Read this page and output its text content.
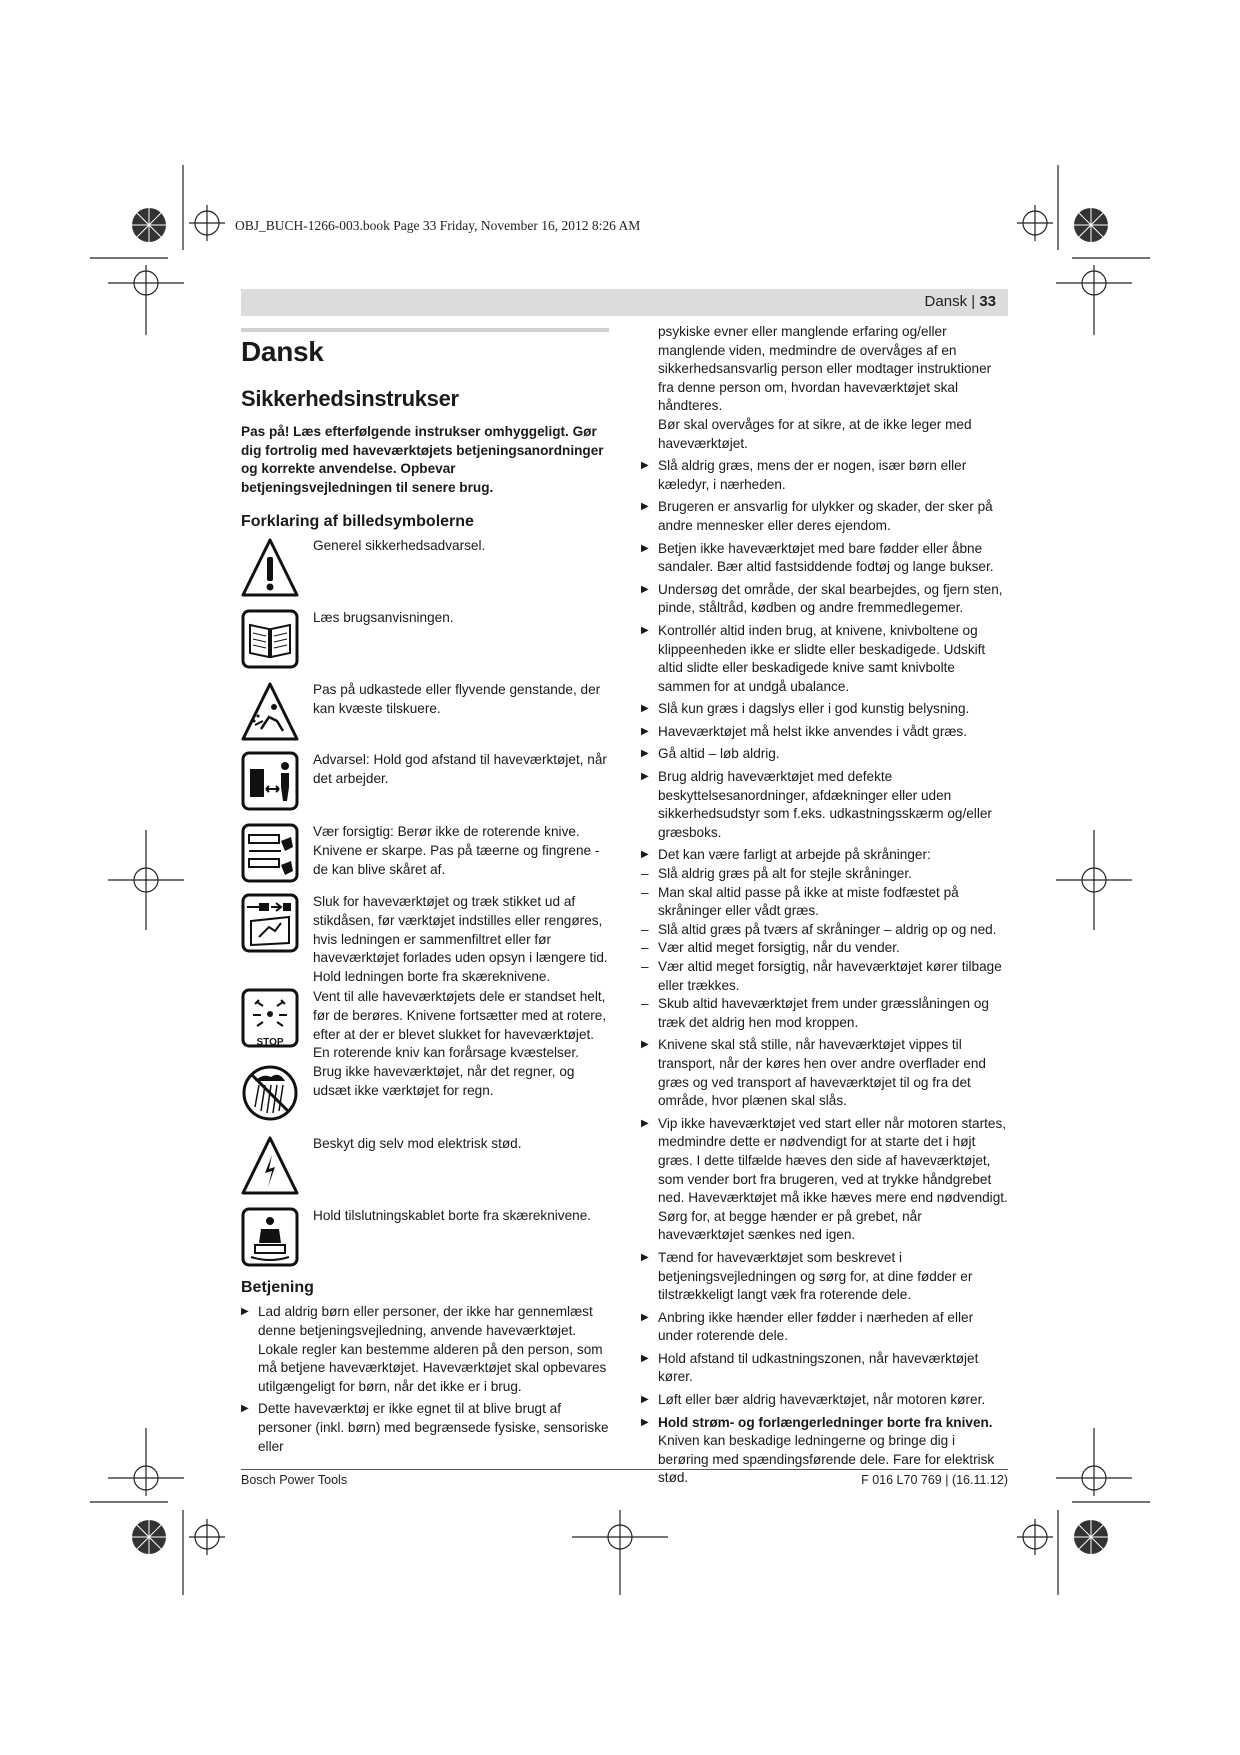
OBJ_BUCH-1266-003.book Page 33 Friday, November 16, 2012 8:26 AM
Dansk | 33
Dansk
Sikkerhedsinstrukser

Pas på! Læs efterfølgende instrukser omhyggeligt. Gør dig fortrolig med haveværktøjets betjeningsanordninger og korrekte anvendelse. Opbevar betjeningsvejledningen til senere brug.

Forklaring af billedsymbolerne
Generel sikkerhedsadvarsel.
Læs brugsanvisningen.
Pas på udkastede eller flyvende genstande, der kan kvæste tilskuere.
Advarsel: Hold god afstand til haveværktøjet, når det arbejder.
Vær forsigtig: Berør ikke de roterende knive. Knivene er skarpe. Pas på tæerne og fingrene - de kan blive skåret af.
Sluk for haveværktøjet og træk stikket ud af stikdåsen, før værktøjet indstilles eller rengøres, hvis ledningen er sammenfiltret eller før haveværktøjet forlades uden opsyn i længere tid. Hold ledningen borte fra skæreknivene.
STOP
Vent til alle haveværktøjets dele er standset helt, før de berøres. Knivene fortsætter med at rotere, efter at der er blevet slukket for haveværktøjet. En roterende kniv kan forårsage kvæstelser.
Brug ikke haveværktøjet, når det regner, og udsæt ikke værktøjet for regn.
Beskyt dig selv mod elektrisk stød.
Hold tilslutningskablet borte fra skæreknivene.
Betjening
▶ Lad aldrig børn eller personer, der ikke har gennemlæst denne betjeningsvejledning, anvende haveværktøjet. Lokale regler kan bestemme alderen på den person, som må betjene haveværktøjet. Haveværktøjet skal opbevares utilgængeligt for børn, når det ikke er i brug.
▶ Dette haveværktøj er ikke egnet til at blive brugt af personer (inkl. børn) med begrænsede fysiske, sensoriske eller

psykiske evner eller manglende erfaring og/eller manglende viden, medmindre de overvåges af en sikkerhedsansvarlig person eller modtager instruktioner fra denne person om, hvordan haveværktøjet skal håndteres.

Bør skal overvåges for at sikre, at de ikke leger med haveværktøjet.

▶ Slå aldrig græs, mens der er nogen, især børn eller kæledyr, i nærheden.
▶ Brugeren er ansvarlig for ulykker og skader, der sker på andre mennesker eller deres ejendom.
▶ Betjen ikke haveværktøjet med bare fødder eller åbne sandaler. Bær altid fastsiddende fodtøj og lange bukser.
▶ Undersøg det område, der skal bearbejdes, og fjern sten, pinde, ståltråd, kødben og andre fremmedlegemer.
▶ Kontrollér altid inden brug, at knivene, knivboltene og klippeenheden ikke er slidte eller beskadigede. Udskift altid slidte eller beskadigede knive samt knivbolte sammen for at undgå ubalance.
▶ Slå kun græs i dagslys eller i god kunstig belysning.
▶ Haveværktøjet må helst ikke anvendes i vådt græs.
▶ Gå altid – løb aldrig.
▶ Brug aldrig haveværktøjet med defekte beskyttelsesanordninger, afdækninger eller uden sikkerhedsudstyr som f.eks. udkastningsskærm og/eller græsboks.
▶ Det kan være farligt at arbejde på skråninger:
– Slå aldrig græs på alt for stejle skråninger.
– Man skal altid passe på ikke at miste fodfæstet på skråninger eller vådt græs.
– Slå altid græs på tværs af skråninger – aldrig op og ned.
– Vær altid meget forsigtig, når du vender.
– Vær altid meget forsigtig, når haveværktøjet kører tilbage eller trækkes.
– Skub altid haveværktøjet frem under græsslåningen og træk det aldrig hen mod kroppen.
▶ Knivene skal stå stille, når haveværktøjet vippes til transport, når der køres hen over andre overflader end græs og ved transport af haveværktøjet til og fra det område, hvor plænen skal slås.
▶ Vip ikke haveværktøjet ved start eller når motoren startes, medmindre dette er nødvendigt for at starte det i højt græs. I dette tilfælde hæves den side af haveværktøjet, som vender bort fra brugeren, ved at trykke håndgrebet ned. Haveværktøjet må ikke hæves mere end nødvendigt. Sørg for, at begge hænder er på grebet, når haveværktøjet sænkes ned igen.
▶ Tænd for haveværktøjet som beskrevet i betjeningsvejledningen og sørg for, at dine fødder er tilstrækkeligt langt væk fra roterende dele.
▶ Anbring ikke hænder eller fødder i nærheden af eller under roterende dele.
▶ Hold afstand til udkastningszonen, når haveværktøjet kører.
▶ Løft eller bær aldrig haveværktøjet, når motoren kører.
▶ Hold strøm- og forlængerledninger borte fra kniven.
Kniven kan beskadige ledningerne og bringe dig i berøring med spændingsførende dele. Fare for elektrisk stød.
Bosch Power Tools	F 016 L70 769 | (16.11.12)
